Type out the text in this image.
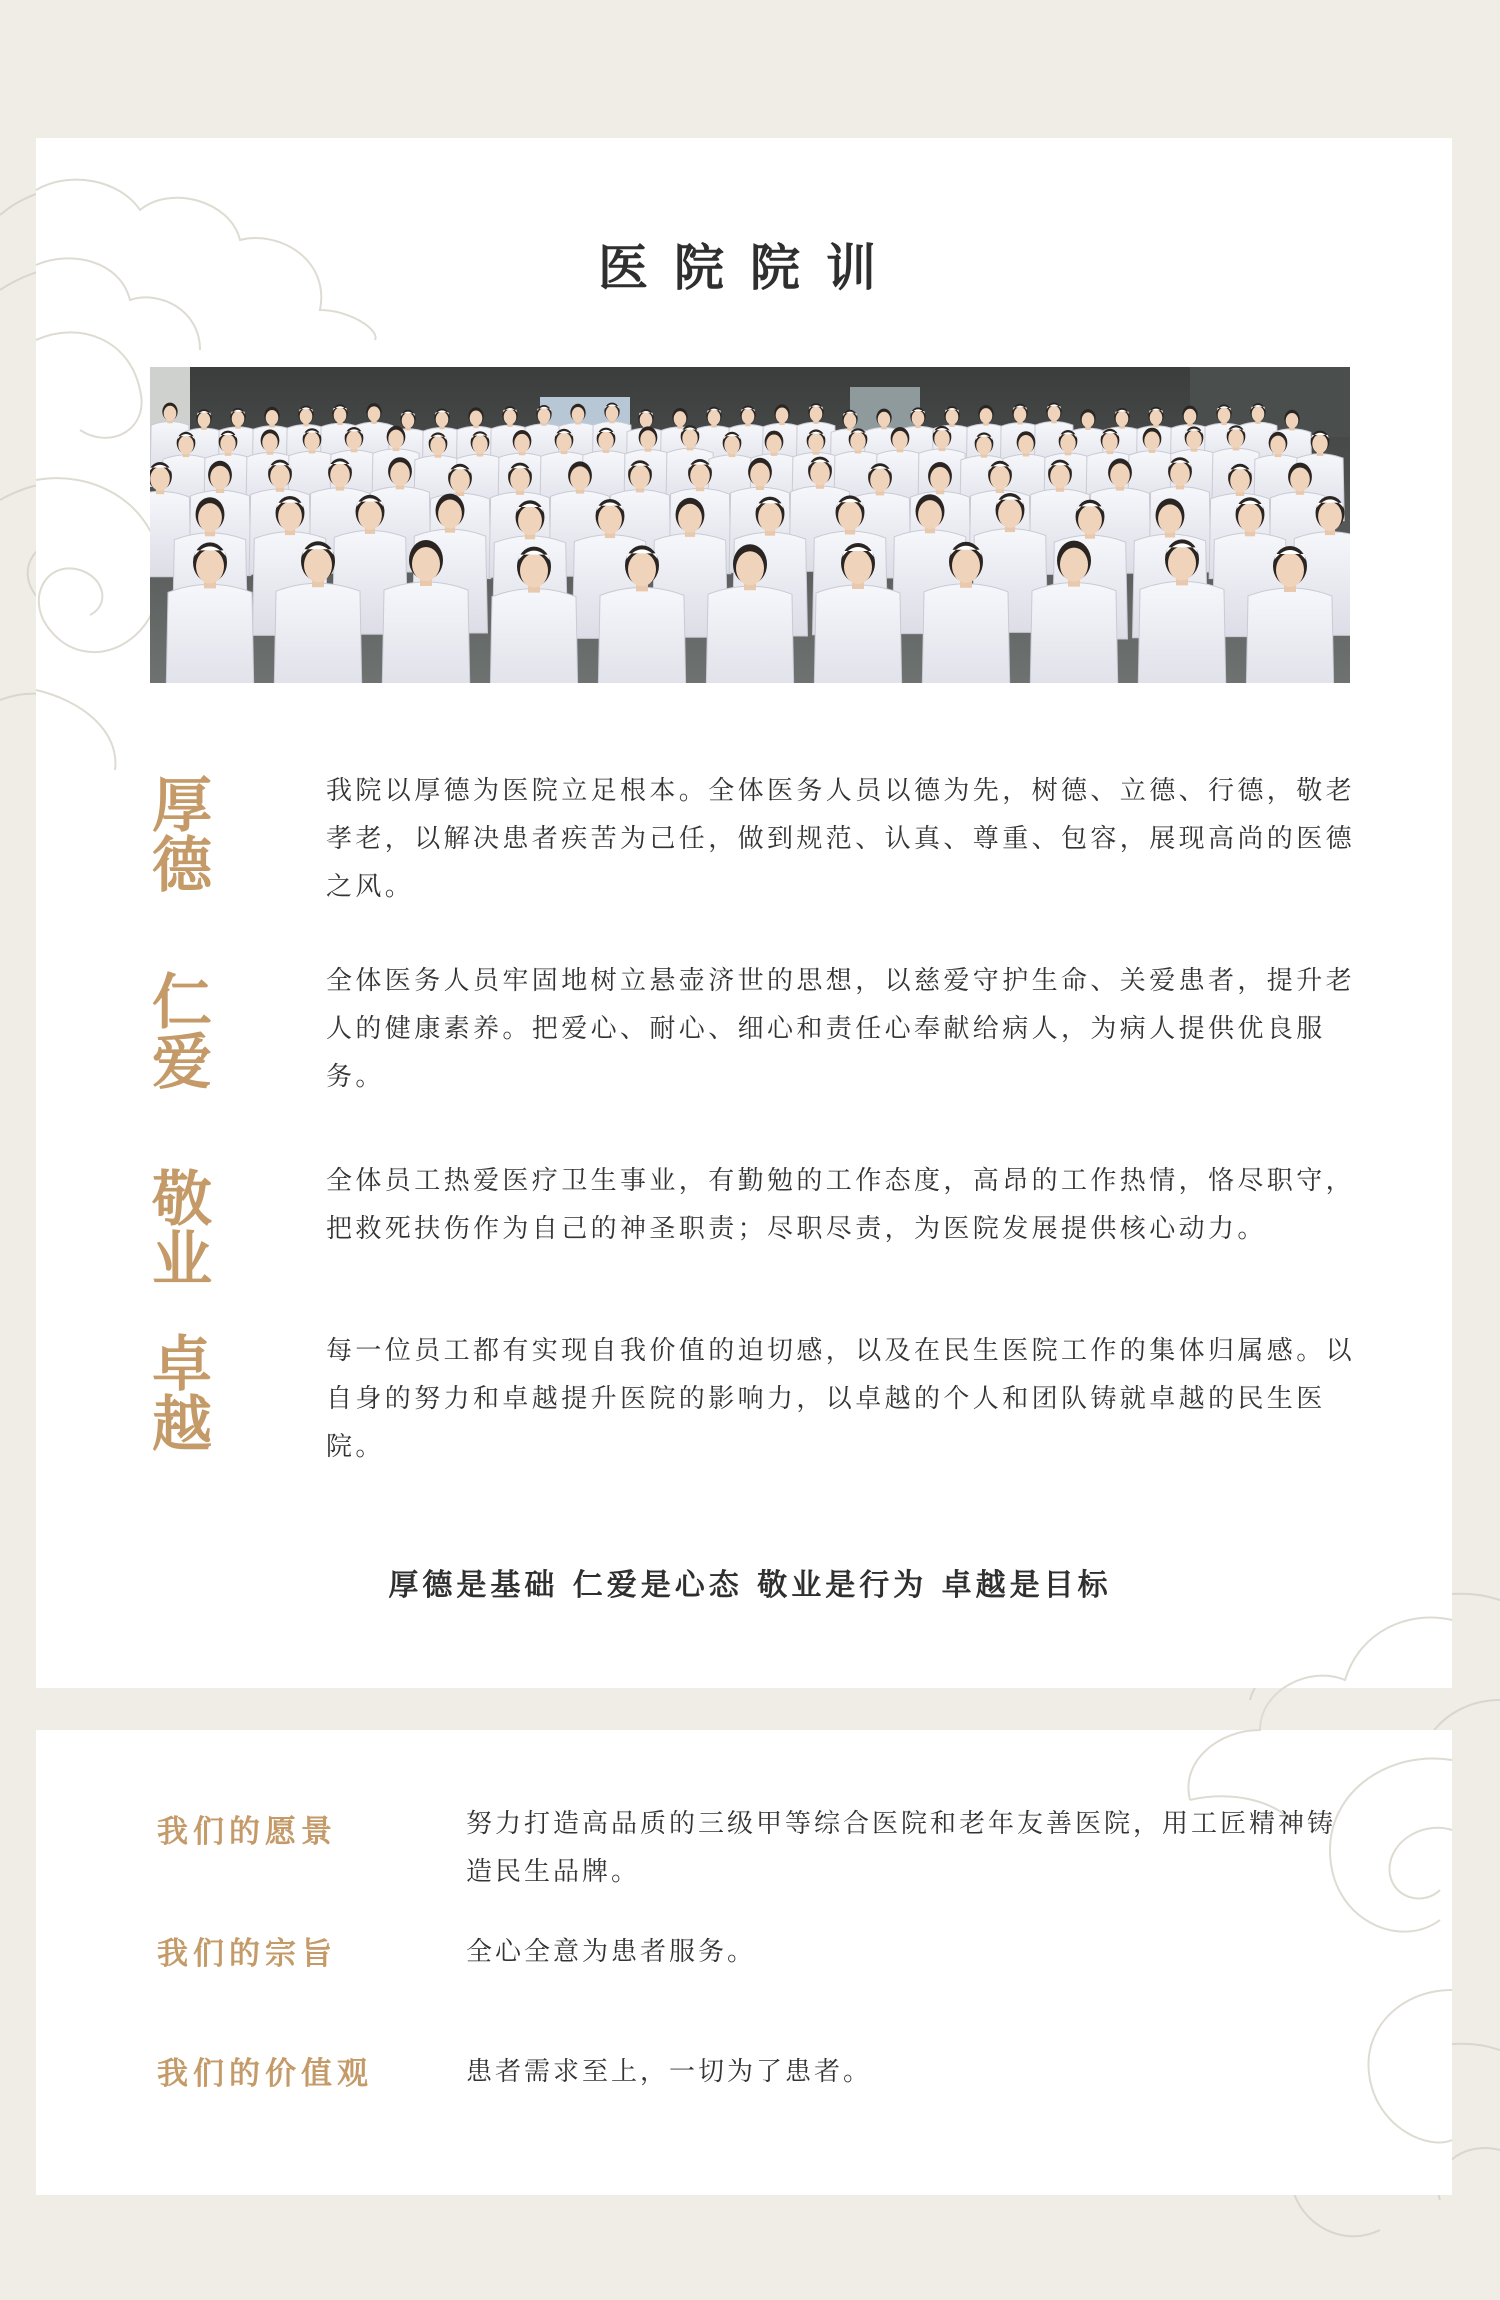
医院院训
厚德
我院以厚德为医院立足根本。全体医务人员以德为先，树德、立德、行德，敬老孝老，以解决患者疾苦为己任，做到规范、认真、尊重、包容，展现高尚的医德之风。
仁爱
全体医务人员牢固地树立悬壶济世的思想，以慈爱守护生命、关爱患者，提升老人的健康素养。把爱心、耐心、细心和责任心奉献给病人，为病人提供优良服务。
敬业
全体员工热爱医疗卫生事业，有勤勉的工作态度，高昂的工作热情，恪尽职守，把救死扶伤作为自己的神圣职责；尽职尽责，为医院发展提供核心动力。
卓越
每一位员工都有实现自我价值的迫切感，以及在民生医院工作的集体归属感。以自身的努力和卓越提升医院的影响力，以卓越的个人和团队铸就卓越的民生医院。
厚德是基础 仁爱是心态 敬业是行为 卓越是目标
我们的愿景	努力打造高品质的三级甲等综合医院和老年友善医院，用工匠精神铸造民生品牌。
我们的宗旨	全心全意为患者服务。
我们的价值观	患者需求至上，一切为了患者。
